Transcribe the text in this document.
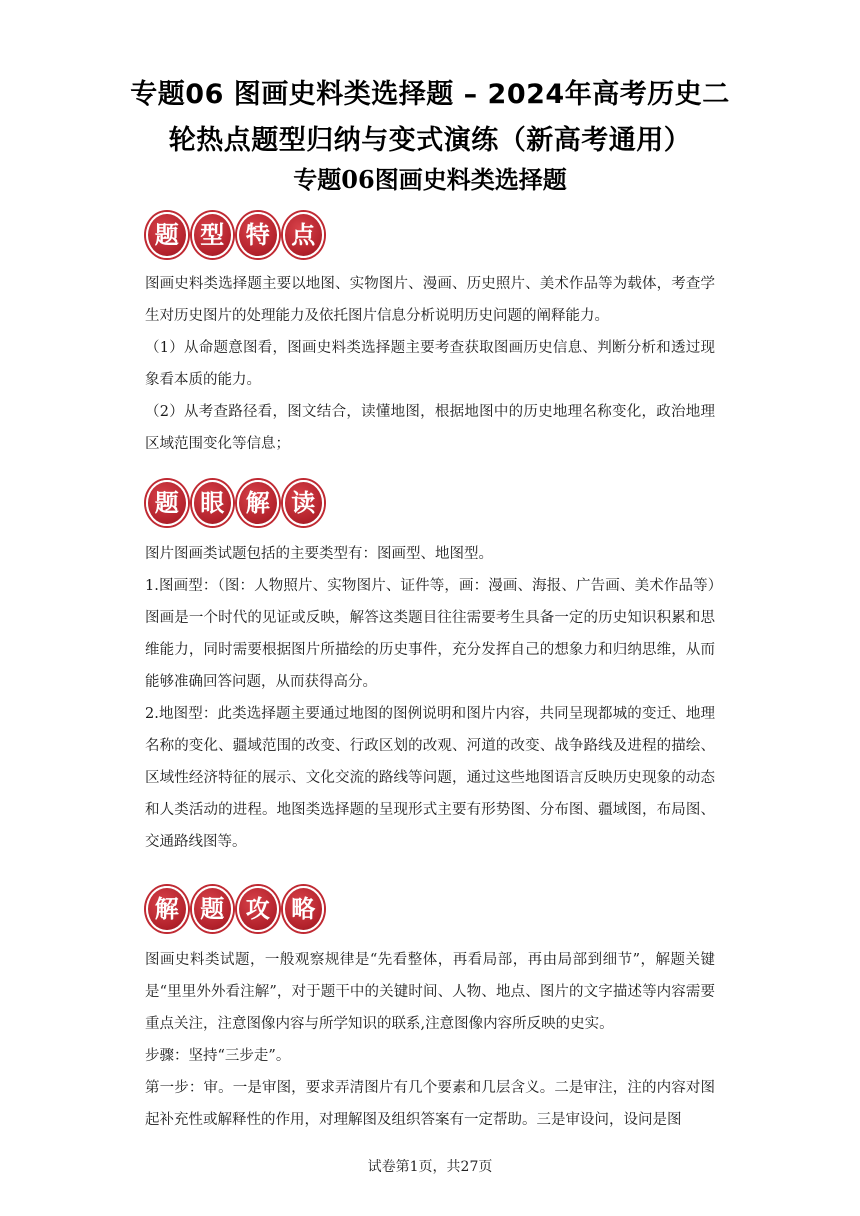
专题06 图画史料类选择题 – 2024年高考历史二
轮热点题型归纳与变式演练（新高考通用）
专题06图画史料类选择题
题 型 特 点

图画史料类选择题主要以地图、实物图片、漫画、历史照片、美术作品等为载体，考查学生对历史图片的处理能力及依托图片信息分析说明历史问题的阐释能力。

（1）从命题意图看，图画史料类选择题主要考查获取图画历史信息、判断分析和透过现象看本质的能力。

（2）从考查路径看，图文结合，读懂地图，根据地图中的历史地理名称变化，政治地理区域范围变化等信息；

题 眼 解 读

图片图画类试题包括的主要类型有：图画型、地图型。

1.图画型：（图：人物照片、实物图片、证件等，画：漫画、海报、广告画、美术作品等）图画是一个时代的见证或反映，解答这类题目往往需要考生具备一定的历史知识积累和思维能力，同时需要根据图片所描绘的历史事件，充分发挥自己的想象力和归纳思维，从而能够准确回答问题，从而获得高分。

2.地图型：此类选择题主要通过地图的图例说明和图片内容，共同呈现都城的变迁、地理名称的变化、疆域范围的改变、行政区划的改观、河道的改变、战争路线及进程的描绘、区域性经济特征的展示、文化交流的路线等问题，通过这些地图语言反映历史现象的动态和人类活动的进程。地图类选择题的呈现形式主要有形势图、分布图、疆域图，布局图、交通路线图等。

解 题 攻 略

图画史料类试题，一般观察规律是“先看整体，再看局部，再由局部到细节”，解题关键是“里里外外看注解”，对于题干中的关键时间、人物、地点、图片的文字描述等内容需要重点关注，注意图像内容与所学知识的联系,注意图像内容所反映的史实。

步骤：坚持“三步走”。

第一步：审。一是审图，要求弄清图片有几个要素和几层含义。二是审注，注的内容对图起补充性或解释性的作用，对理解图及组织答案有一定帮助。三是审设问，设问是图

试卷第1页，共27页
